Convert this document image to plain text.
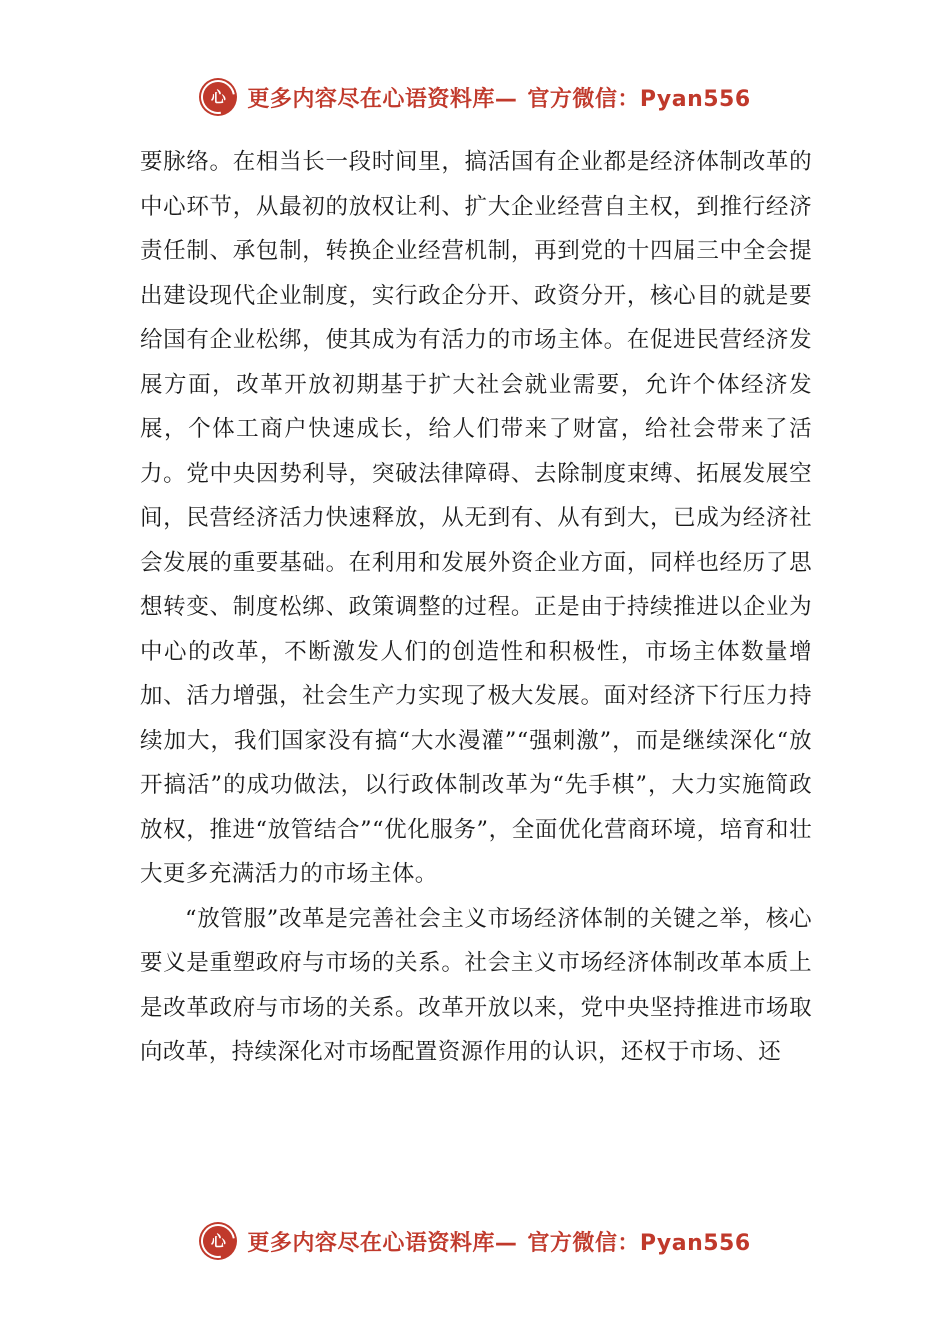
心 更多内容尽在心语资料库— 官方微信：Pyan556

要脉络。在相当长一段时间里，搞活国有企业都是经济体制改革的中心环节，从最初的放权让利、扩大企业经营自主权，到推行经济责任制、承包制，转换企业经营机制，再到党的十四届三中全会提出建设现代企业制度，实行政企分开、政资分开，核心目的就是要给国有企业松绑，使其成为有活力的市场主体。在促进民营经济发展方面，改革开放初期基于扩大社会就业需要，允许个体经济发展，个体工商户快速成长，给人们带来了财富，给社会带来了活力。党中央因势利导，突破法律障碍、去除制度束缚、拓展发展空间，民营经济活力快速释放，从无到有、从有到大，已成为经济社会发展的重要基础。在利用和发展外资企业方面，同样也经历了思想转变、制度松绑、政策调整的过程。正是由于持续推进以企业为中心的改革，不断激发人们的创造性和积极性，市场主体数量增加、活力增强，社会生产力实现了极大发展。面对经济下行压力持续加大，我们国家没有搞“大水漫灌”“强刺激”，而是继续深化“放开搞活”的成功做法，以行政体制改革为“先手棋”，大力实施简政放权，推进“放管结合”“优化服务”，全面优化营商环境，培育和壮大更多充满活力的市场主体。

“放管服”改革是完善社会主义市场经济体制的关键之举，核心要义是重塑政府与市场的关系。社会主义市场经济体制改革本质上是改革政府与市场的关系。改革开放以来，党中央坚持推进市场取向改革，持续深化对市场配置资源作用的认识，还权于市场、还

心 更多内容尽在心语资料库— 官方微信：Pyan556
